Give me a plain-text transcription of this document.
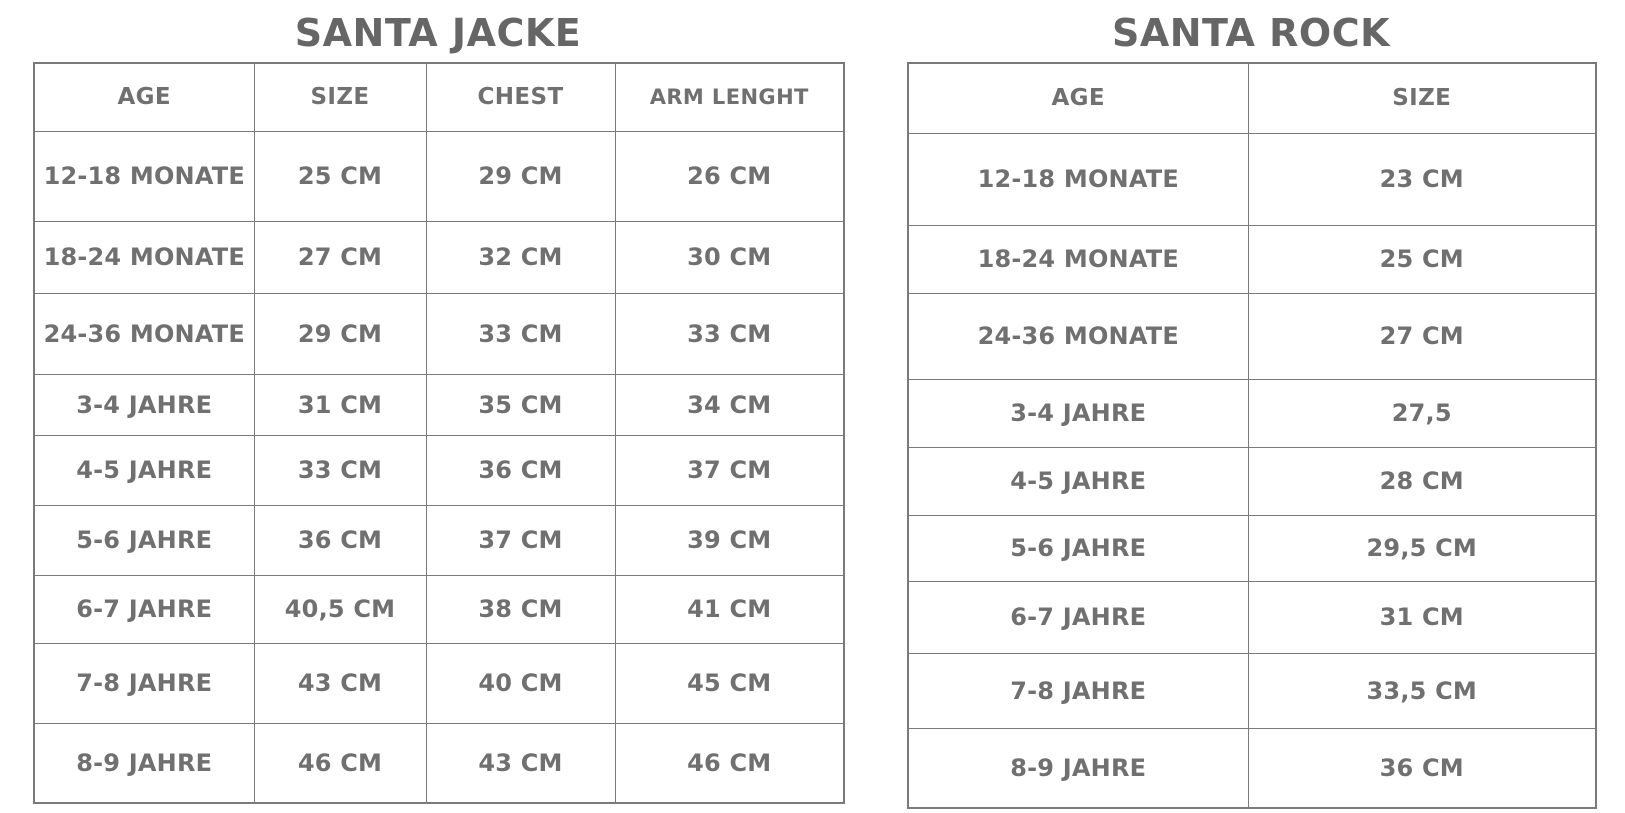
SANTA JACKE
AGE	SIZE	CHEST	ARM LENGHT
12-18 MONATE	25 CM	29 CM	26 CM
18-24 MONATE	27 CM	32 CM	30 CM
24-36 MONATE	29 CM	33 CM	33 CM
3-4 JAHRE	31 CM	35 CM	34 CM
4-5 JAHRE	33 CM	36 CM	37 CM
5-6 JAHRE	36 CM	37 CM	39 CM
6-7 JAHRE	40,5 CM	38 CM	41 CM
7-8 JAHRE	43 CM	40 CM	45 CM
8-9 JAHRE	46 CM	43 CM	46 CM
SANTA ROCK
AGE	SIZE
12-18 MONATE	23 CM
18-24 MONATE	25 CM
24-36 MONATE	27 CM
3-4 JAHRE	27,5
4-5 JAHRE	28 CM
5-6 JAHRE	29,5 CM
6-7 JAHRE	31 CM
7-8 JAHRE	33,5 CM
8-9 JAHRE	36 CM
